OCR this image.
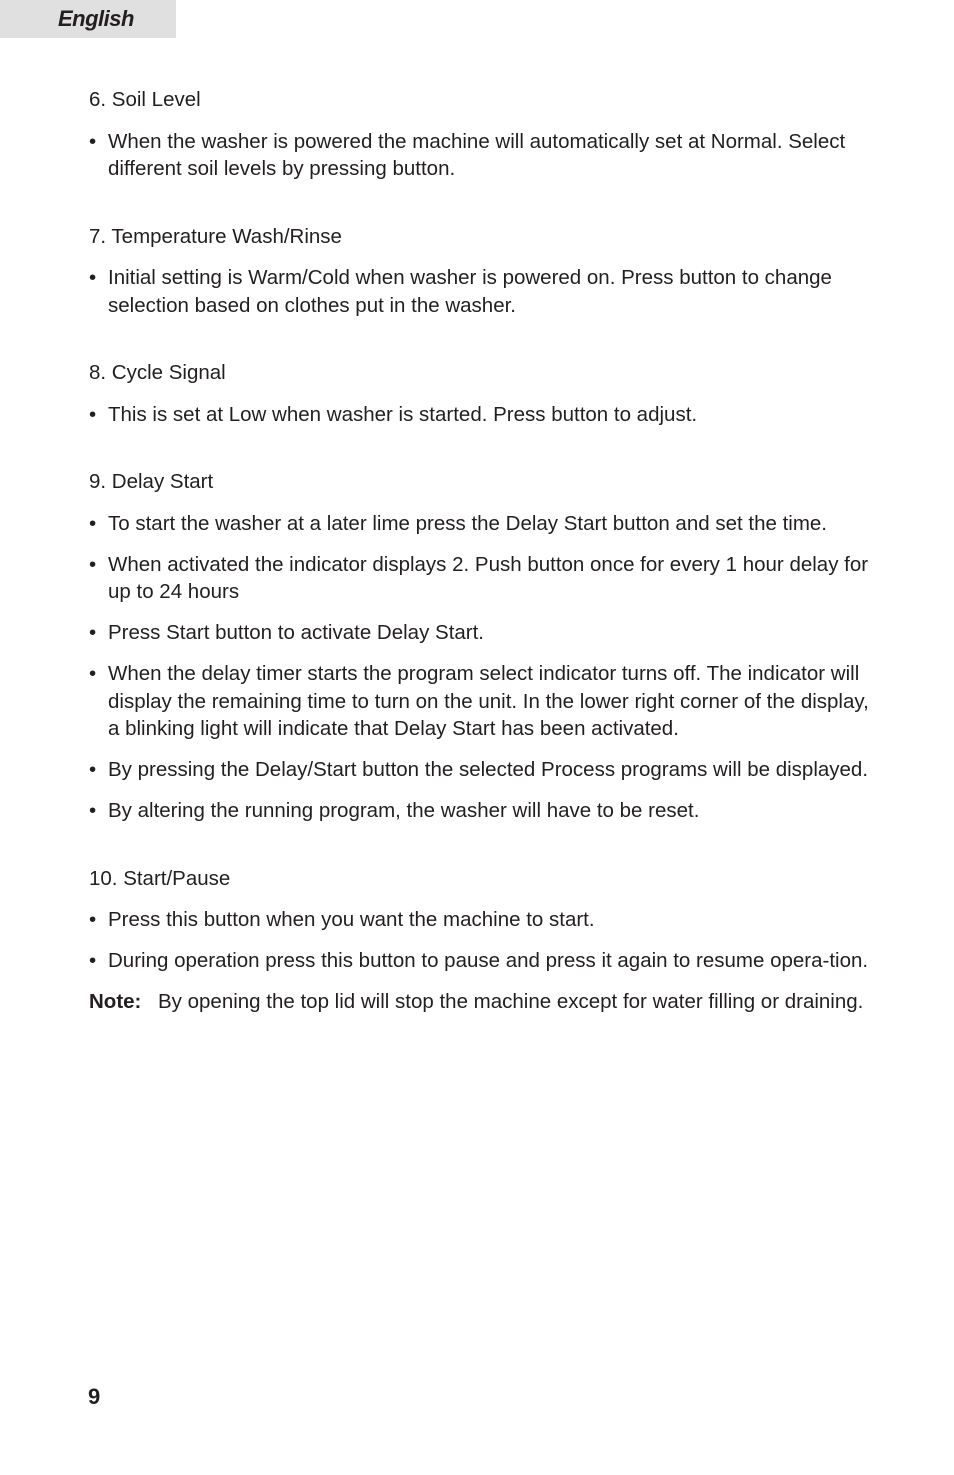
English
6. Soil Level
• When the washer is powered the machine will automatically set at Normal. Select different soil levels by pressing button.
7. Temperature Wash/Rinse
• Initial setting is Warm/Cold when washer is powered on. Press button to change selection based on clothes put in the washer.
8. Cycle Signal
• This is set at Low when washer is started. Press button to adjust.
9. Delay Start
• To start the washer at a later lime press the Delay Start button and set the time.
• When activated the indicator displays 2. Push button once for every 1 hour delay for up to 24 hours
• Press Start button to activate Delay Start.
• When the delay timer starts the program select indicator turns off. The indicator will display the remaining time to turn on the unit. In the lower right corner of the display, a blinking light will indicate that Delay Start has been activated.
• By pressing the Delay/Start button the selected Process programs will be displayed.
• By altering the running program, the washer will have to be reset.
10. Start/Pause
• Press this button when you want the machine to start.
• During operation press this button to pause and press it again to resume opera-tion.
Note: By opening the top lid will stop the machine except for water filling or draining.
9
